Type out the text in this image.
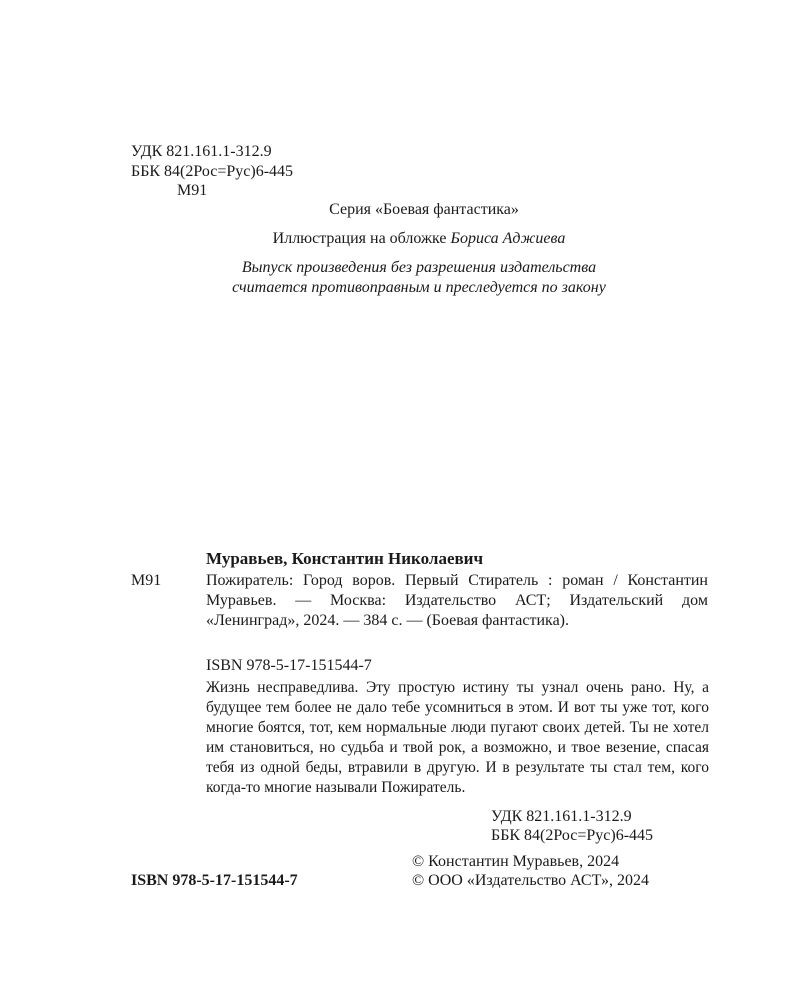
УДК 821.161.1-312.9
ББК 84(2Рос=Рус)6-445
М91
Серия «Боевая фантастика»
Иллюстрация на обложке Бориса Аджиева
Выпуск произведения без разрешения издательства
считается противоправным и преследуется по закону
Муравьев, Константин Николаевич
М91	Пожиратель: Город воров. Первый Стиратель : роман / Константин Муравьев. — Москва: Издательство АСТ; Издательский дом «Ленинград», 2024. — 384 с. — (Боевая фантастика).
ISBN 978-5-17-151544-7
Жизнь несправедлива. Эту простую истину ты узнал очень рано. Ну, а будущее тем более не дало тебе усомниться в этом. И вот ты уже тот, кого многие боятся, тот, кем нормальные люди пугают своих детей. Ты не хотел им становиться, но судьба и твой рок, а возможно, и твое везение, спасая тебя из одной беды, втравили в другую. И в результате ты стал тем, кого когда-то многие называли Пожиратель.
УДК 821.161.1-312.9
ББК 84(2Рос=Рус)6-445
© Константин Муравьев, 2024
© ООО «Издательство АСТ», 2024
ISBN 978-5-17-151544-7
